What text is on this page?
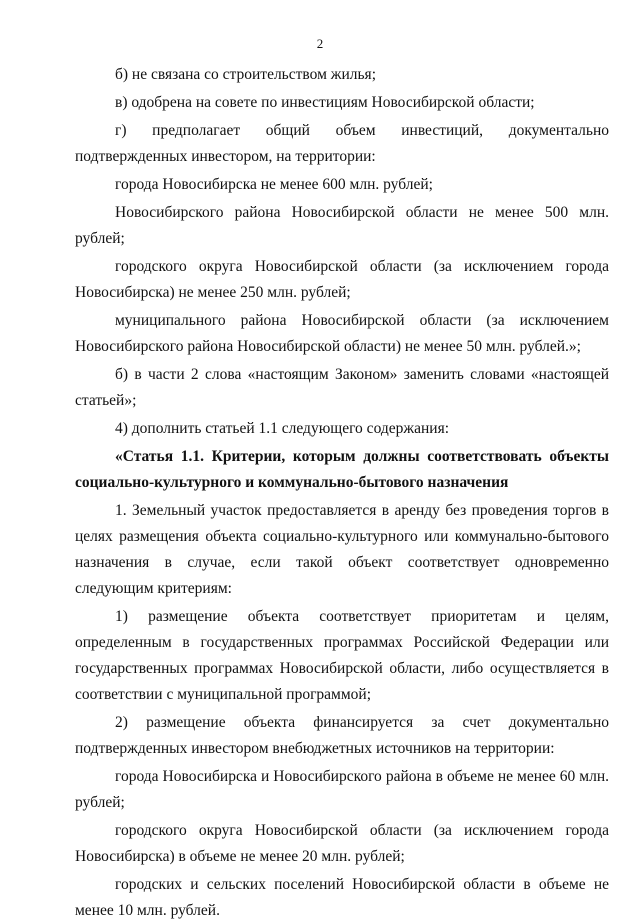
2

б) не связана со строительством жилья;

в) одобрена на совете по инвестициям Новосибирской области;

г) предполагает общий объем инвестиций, документально подтвержденных инвестором, на территории:

города Новосибирска не менее 600 млн. рублей;

Новосибирского района Новосибирской области не менее 500 млн. рублей;

городского округа Новосибирской области (за исключением города Новосибирска) не менее 250 млн. рублей;

муниципального района Новосибирской области (за исключением Новосибирского района Новосибирской области) не менее 50 млн. рублей.»;

б) в части 2 слова «настоящим Законом» заменить словами «настоящей статьей»;

4) дополнить статьей 1.1 следующего содержания:

«Статья 1.1. Критерии, которым должны соответствовать объекты социально-культурного и коммунально-бытового назначения

1. Земельный участок предоставляется в аренду без проведения торгов в целях размещения объекта социально-культурного или коммунально-бытового назначения в случае, если такой объект соответствует одновременно следующим критериям:

1) размещение объекта соответствует приоритетам и целям, определенным в государственных программах Российской Федерации или государственных программах Новосибирской области, либо осуществляется в соответствии с муниципальной программой;

2) размещение объекта финансируется за счет документально подтвержденных инвестором внебюджетных источников на территории:

города Новосибирска и Новосибирского района в объеме не менее 60 млн. рублей;

городского округа Новосибирской области (за исключением города Новосибирска) в объеме не менее 20 млн. рублей;

городских и сельских поселений Новосибирской области в объеме не менее 10 млн. рублей.
